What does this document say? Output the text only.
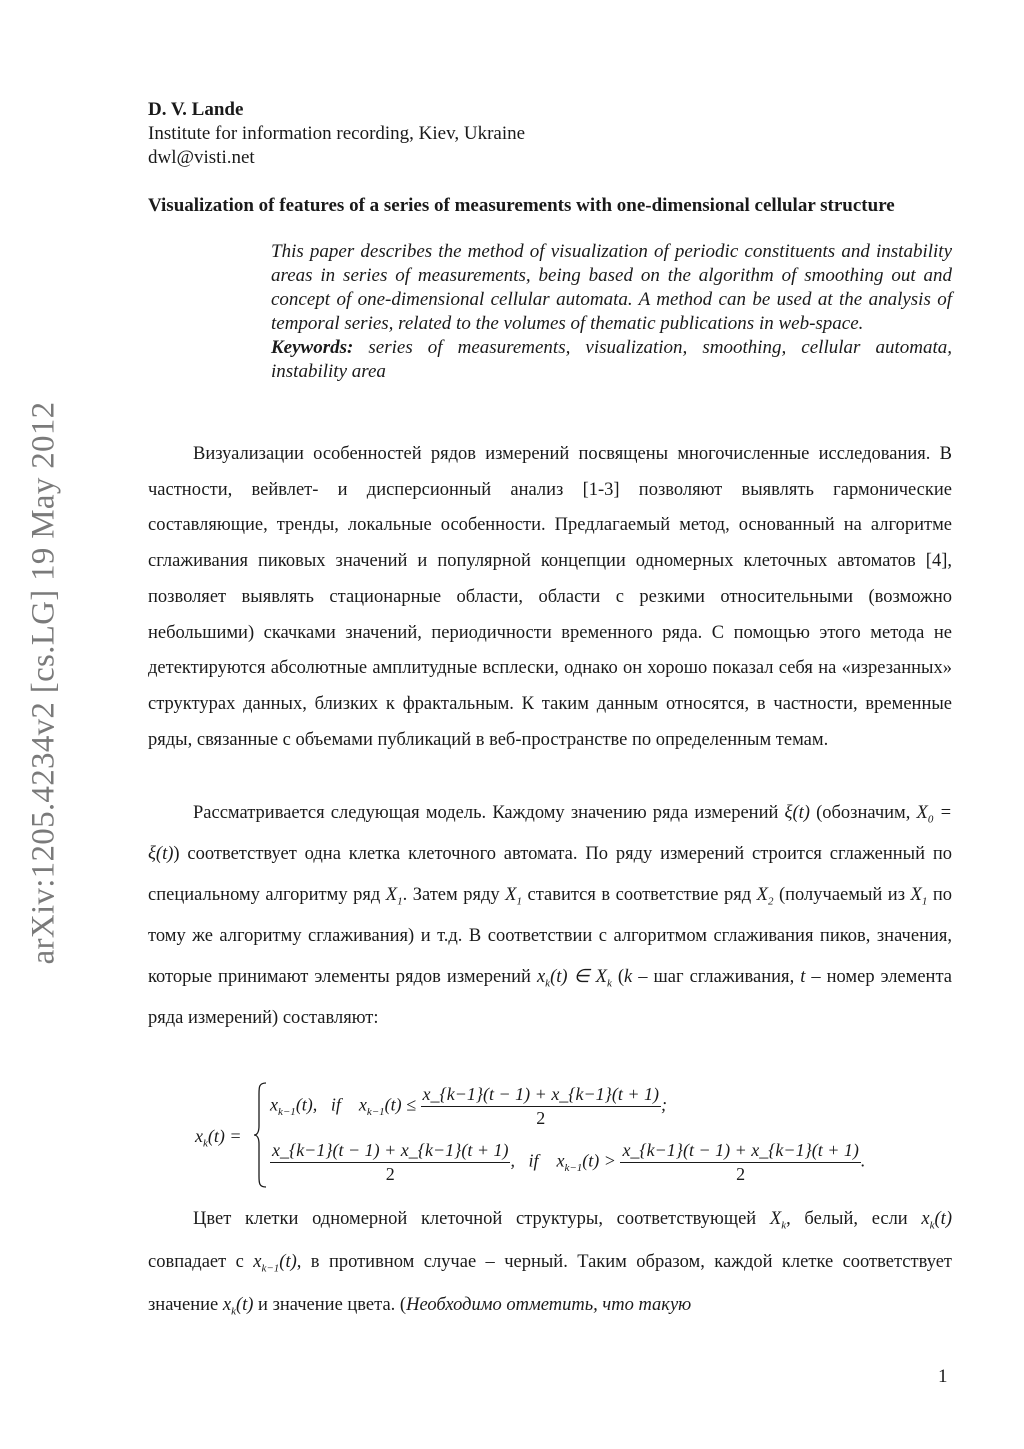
arXiv:1205.4234v2 [cs.LG] 19 May 2012
D. V. Lande
Institute for information recording, Kiev, Ukraine
dwl@visti.net
Visualization of features of a series of measurements with one-dimensional cellular structure
This paper describes the method of visualization of periodic constituents and instability areas in series of measurements, being based on the algorithm of smoothing out and concept of one-dimensional cellular automata. A method can be used at the analysis of temporal series, related to the volumes of thematic publications in web-space.
Keywords: series of measurements, visualization, smoothing, cellular automata, instability area
Визуализации особенностей рядов измерений посвящены многочисленные исследования. В частности, вейвлет- и дисперсионный анализ [1-3] позволяют выявлять гармонические составляющие, тренды, локальные особенности. Предлагаемый метод, основанный на алгоритме сглаживания пиковых значений и популярной концепции одномерных клеточных автоматов [4], позволяет выявлять стационарные области, области с резкими относительными (возможно небольшими) скачками значений, периодичности временного ряда. С помощью этого метода не детектируются абсолютные амплитудные всплески, однако он хорошо показал себя на «изрезанных» структурах данных, близких к фрактальным. К таким данным относятся, в частности, временные ряды, связанные с объемами публикаций в веб-пространстве по определенным темам.
Рассматривается следующая модель. Каждому значению ряда измерений ξ(t) (обозначим, $X_0 = \xi(t)$) соответствует одна клетка клеточного автомата. По ряду измерений строится сглаженный по специальному алгоритму ряд $X_1$. Затем ряду $X_1$ ставится в соответствие ряд $X_2$ (получаемый из $X_1$ по тому же алгоритму сглаживания) и т.д. В соответствии с алгоритмом сглаживания пиков, значения, которые принимают элементы рядов измерений $x_k(t)$ ∈ $X_k$ (k – шаг сглаживания, t – номер элемента ряда измерений) составляют:
$x_k(t)$ =
$x_{k-1}(t)$, if $x_{k-1}(t) \le \frac{x\_\{k-1\}(t - 1) + x\_\{k-1\}(t + 1)}{2}$ ;
$\frac{x\_\{k-1\}(t - 1) + x\_\{k-1\}(t + 1)}{2}$ ,   if $x_{k-1}(t) > \frac{x\_\{k-1\}(t - 1) + x\_\{k-1\}(t + 1)}{2}$ .
Цвет клетки одномерной клеточной структуры, соответствующей $X_k$, белый, если $x_k(t)$ совпадает с $x_{k-1}(t)$, в противном случае – черный. Таким образом, каждой клетке соответствует значение $x_k(t)$ и значение цвета. (Необходимо отметить, что такую
1
